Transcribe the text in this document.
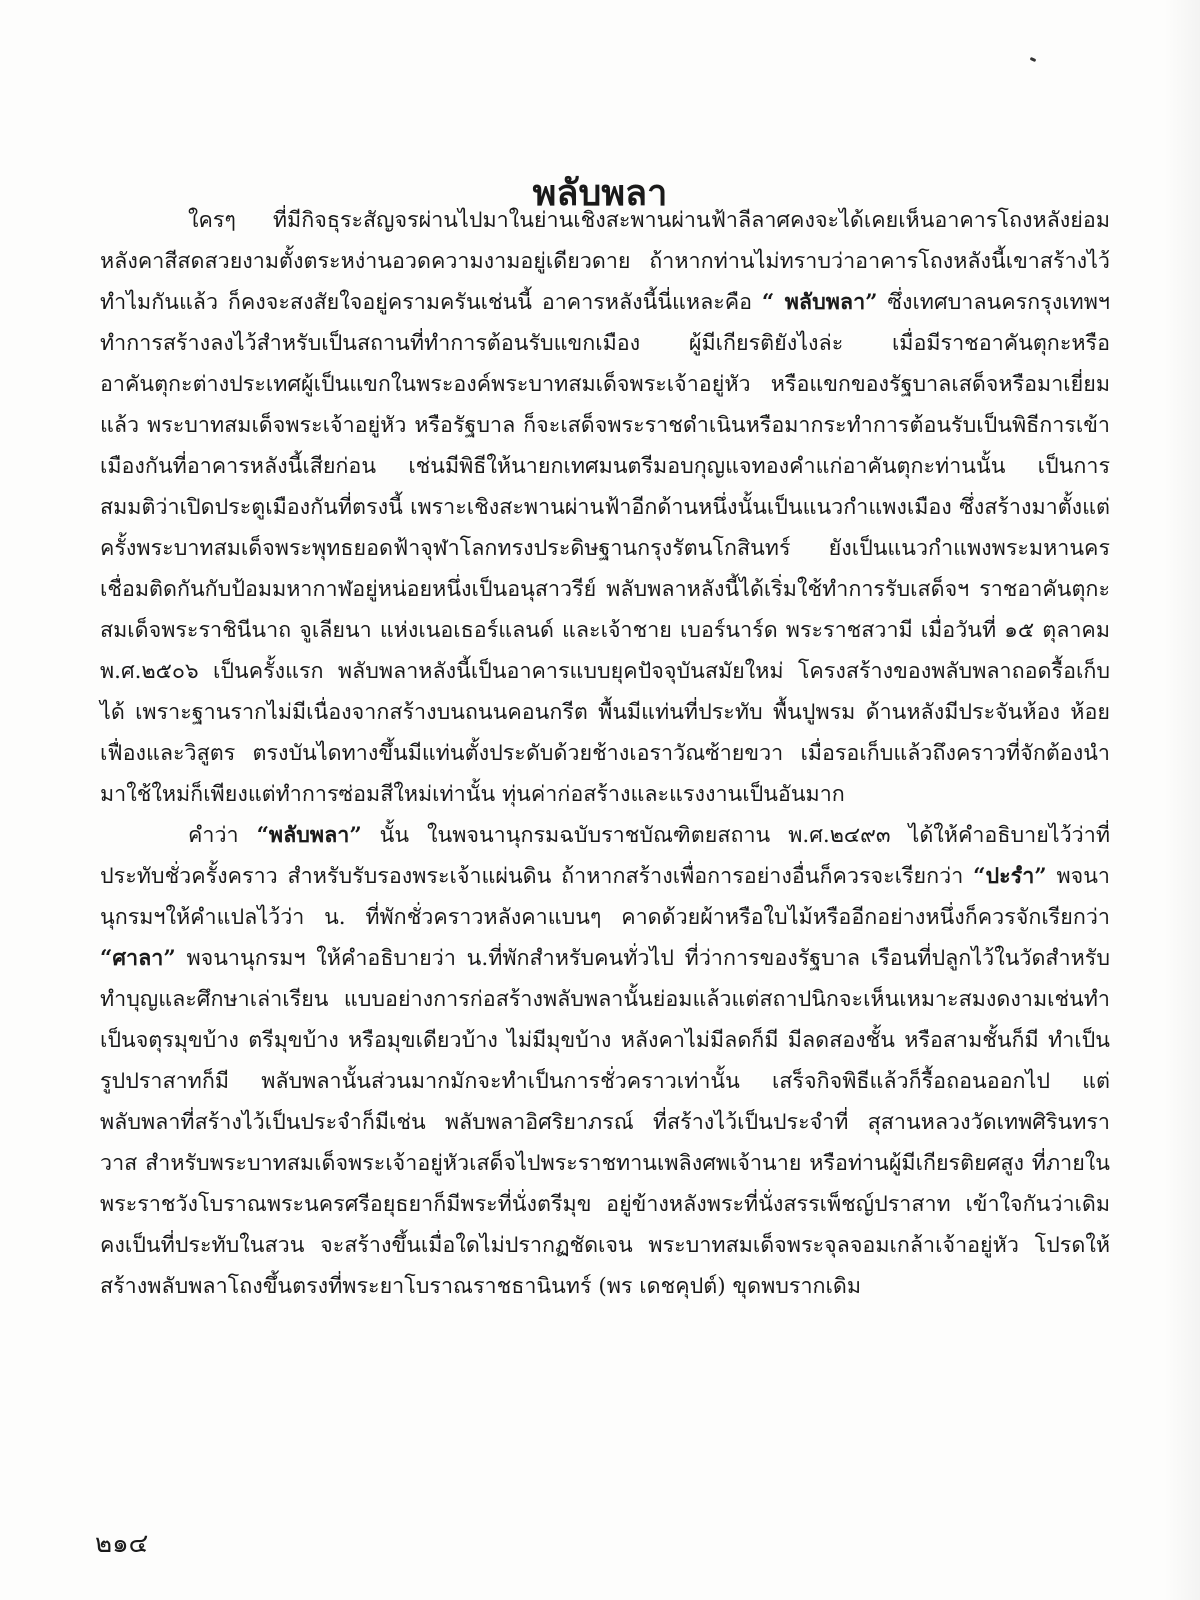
พลับพลา

ใครๆ ที่มีกิจธุระสัญจรผ่านไปมาในย่านเชิงสะพานผ่านฟ้าลีลาศคงจะได้เคยเห็นอาคารโถงหลังย่อม หลังคาสีสดสวยงามตั้งตระหง่านอวดความงามอยู่เดียวดาย ถ้าหากท่านไม่ทราบว่าอาคารโถงหลังนี้เขาสร้างไว้ทำไมกันแล้ว ก็คงจะสงสัยใจอยู่ครามครันเช่นนี้ อาคารหลังนี้นี่แหละคือ “ พลับพลา” ซึ่งเทศบาลนครกรุงเทพฯ ทำการสร้างลงไว้สำหรับเป็นสถานที่ทำการต้อนรับแขกเมือง ผู้มีเกียรติยังไงล่ะ เมื่อมีราชอาคันตุกะหรืออาคันตุกะต่างประเทศผู้เป็นแขกในพระองค์พระบาทสมเด็จพระเจ้าอยู่หัว หรือแขกของรัฐบาลเสด็จหรือมาเยี่ยมแล้ว พระบาทสมเด็จพระเจ้าอยู่หัว หรือรัฐบาล ก็จะเสด็จพระราชดำเนินหรือมากระทำการต้อนรับเป็นพิธีการเข้าเมืองกันที่อาคารหลังนี้เสียก่อน เช่นมีพิธีให้นายกเทศมนตรีมอบกุญแจทองคำแก่อาคันตุกะท่านนั้น เป็นการสมมติว่าเปิดประตูเมืองกันที่ตรงนี้ เพราะเชิงสะพานผ่านฟ้าอีกด้านหนึ่งนั้นเป็นแนวกำแพงเมือง ซึ่งสร้างมาตั้งแต่ครั้งพระบาทสมเด็จพระพุทธยอดฟ้าจุฬาโลกทรงประดิษฐานกรุงรัตนโกสินทร์ ยังเป็นแนวกำแพงพระมหานคร เชื่อมติดกันกับป้อมมหากาฬอยู่หน่อยหนึ่งเป็นอนุสาวรีย์ พลับพลาหลังนี้ได้เริ่มใช้ทำการรับเสด็จฯ ราชอาคันตุกะสมเด็จพระราชินีนาถ จูเลียนา แห่งเนอเธอร์แลนด์ และเจ้าชาย เบอร์นาร์ด พระราชสวามี เมื่อวันที่ ๑๕ ตุลาคม พ.ศ.๒๕๐๖ เป็นครั้งแรก พลับพลาหลังนี้เป็นอาคารแบบยุคปัจจุบันสมัยใหม่ โครงสร้างของพลับพลาถอดรื้อเก็บได้ เพราะฐานรากไม่มีเนื่องจากสร้างบนถนนคอนกรีต พื้นมีแท่นที่ประทับ พื้นปูพรม ด้านหลังมีประจันห้อง ห้อยเฟื่องและวิสูตร ตรงบันไดทางขึ้นมีแท่นตั้งประดับด้วยช้างเอราวัณซ้ายขวา เมื่อรอเก็บแล้วถึงคราวที่จักต้องนำมาใช้ใหม่ก็เพียงแต่ทำการซ่อมสีใหม่เท่านั้น ทุ่นค่าก่อสร้างและแรงงานเป็นอันมาก

คำว่า “พลับพลา” นั้น ในพจนานุกรมฉบับราชบัณฑิตยสถาน พ.ศ.๒๔๙๓ ได้ให้คำอธิบายไว้ว่าที่ประทับชั่วครั้งคราว สำหรับรับรองพระเจ้าแผ่นดิน ถ้าหากสร้างเพื่อการอย่างอื่นก็ควรจะเรียกว่า “ปะรำ” พจนานุกรมฯให้คำแปลไว้ว่า น. ที่พักชั่วคราวหลังคาแบนๆ คาดด้วยผ้าหรือใบไม้หรืออีกอย่างหนึ่งก็ควรจักเรียกว่า “ศาลา” พจนานุกรมฯ ให้คำอธิบายว่า น.ที่พักสำหรับคนทั่วไป ที่ว่าการของรัฐบาล เรือนที่ปลูกไว้ในวัดสำหรับทำบุญและศึกษาเล่าเรียน แบบอย่างการก่อสร้างพลับพลานั้นย่อมแล้วแต่สถาปนิกจะเห็นเหมาะสมงดงามเช่นทำเป็นจตุรมุขบ้าง ตรีมุขบ้าง หรือมุขเดียวบ้าง ไม่มีมุขบ้าง หลังคาไม่มีลดก็มี มีลดสองชั้น หรือสามชั้นก็มี ทำเป็นรูปปราสาทก็มี พลับพลานั้นส่วนมากมักจะทำเป็นการชั่วคราวเท่านั้น เสร็จกิจพิธีแล้วก็รื้อถอนออกไป แต่พลับพลาที่สร้างไว้เป็นประจำก็มีเช่น พลับพลาอิศริยาภรณ์ ที่สร้างไว้เป็นประจำที่ สุสานหลวงวัดเทพศิรินทราวาส สำหรับพระบาทสมเด็จพระเจ้าอยู่หัวเสด็จไปพระราชทานเพลิงศพเจ้านาย หรือท่านผู้มีเกียรติยศสูง ที่ภายในพระราชวังโบราณพระนครศรีอยุธยาก็มีพระที่นั่งตรีมุข อยู่ข้างหลังพระที่นั่งสรรเพ็ชญ์ปราสาท เข้าใจกันว่าเดิมคงเป็นที่ประทับในสวน จะสร้างขึ้นเมื่อใดไม่ปรากฏชัดเจน พระบาทสมเด็จพระจุลจอมเกล้าเจ้าอยู่หัว โปรดให้สร้างพลับพลาโถงขึ้นตรงที่พระยาโบราณราชธานินทร์ (พร เดชคุปต์) ขุดพบรากเดิม

๒๑๔
